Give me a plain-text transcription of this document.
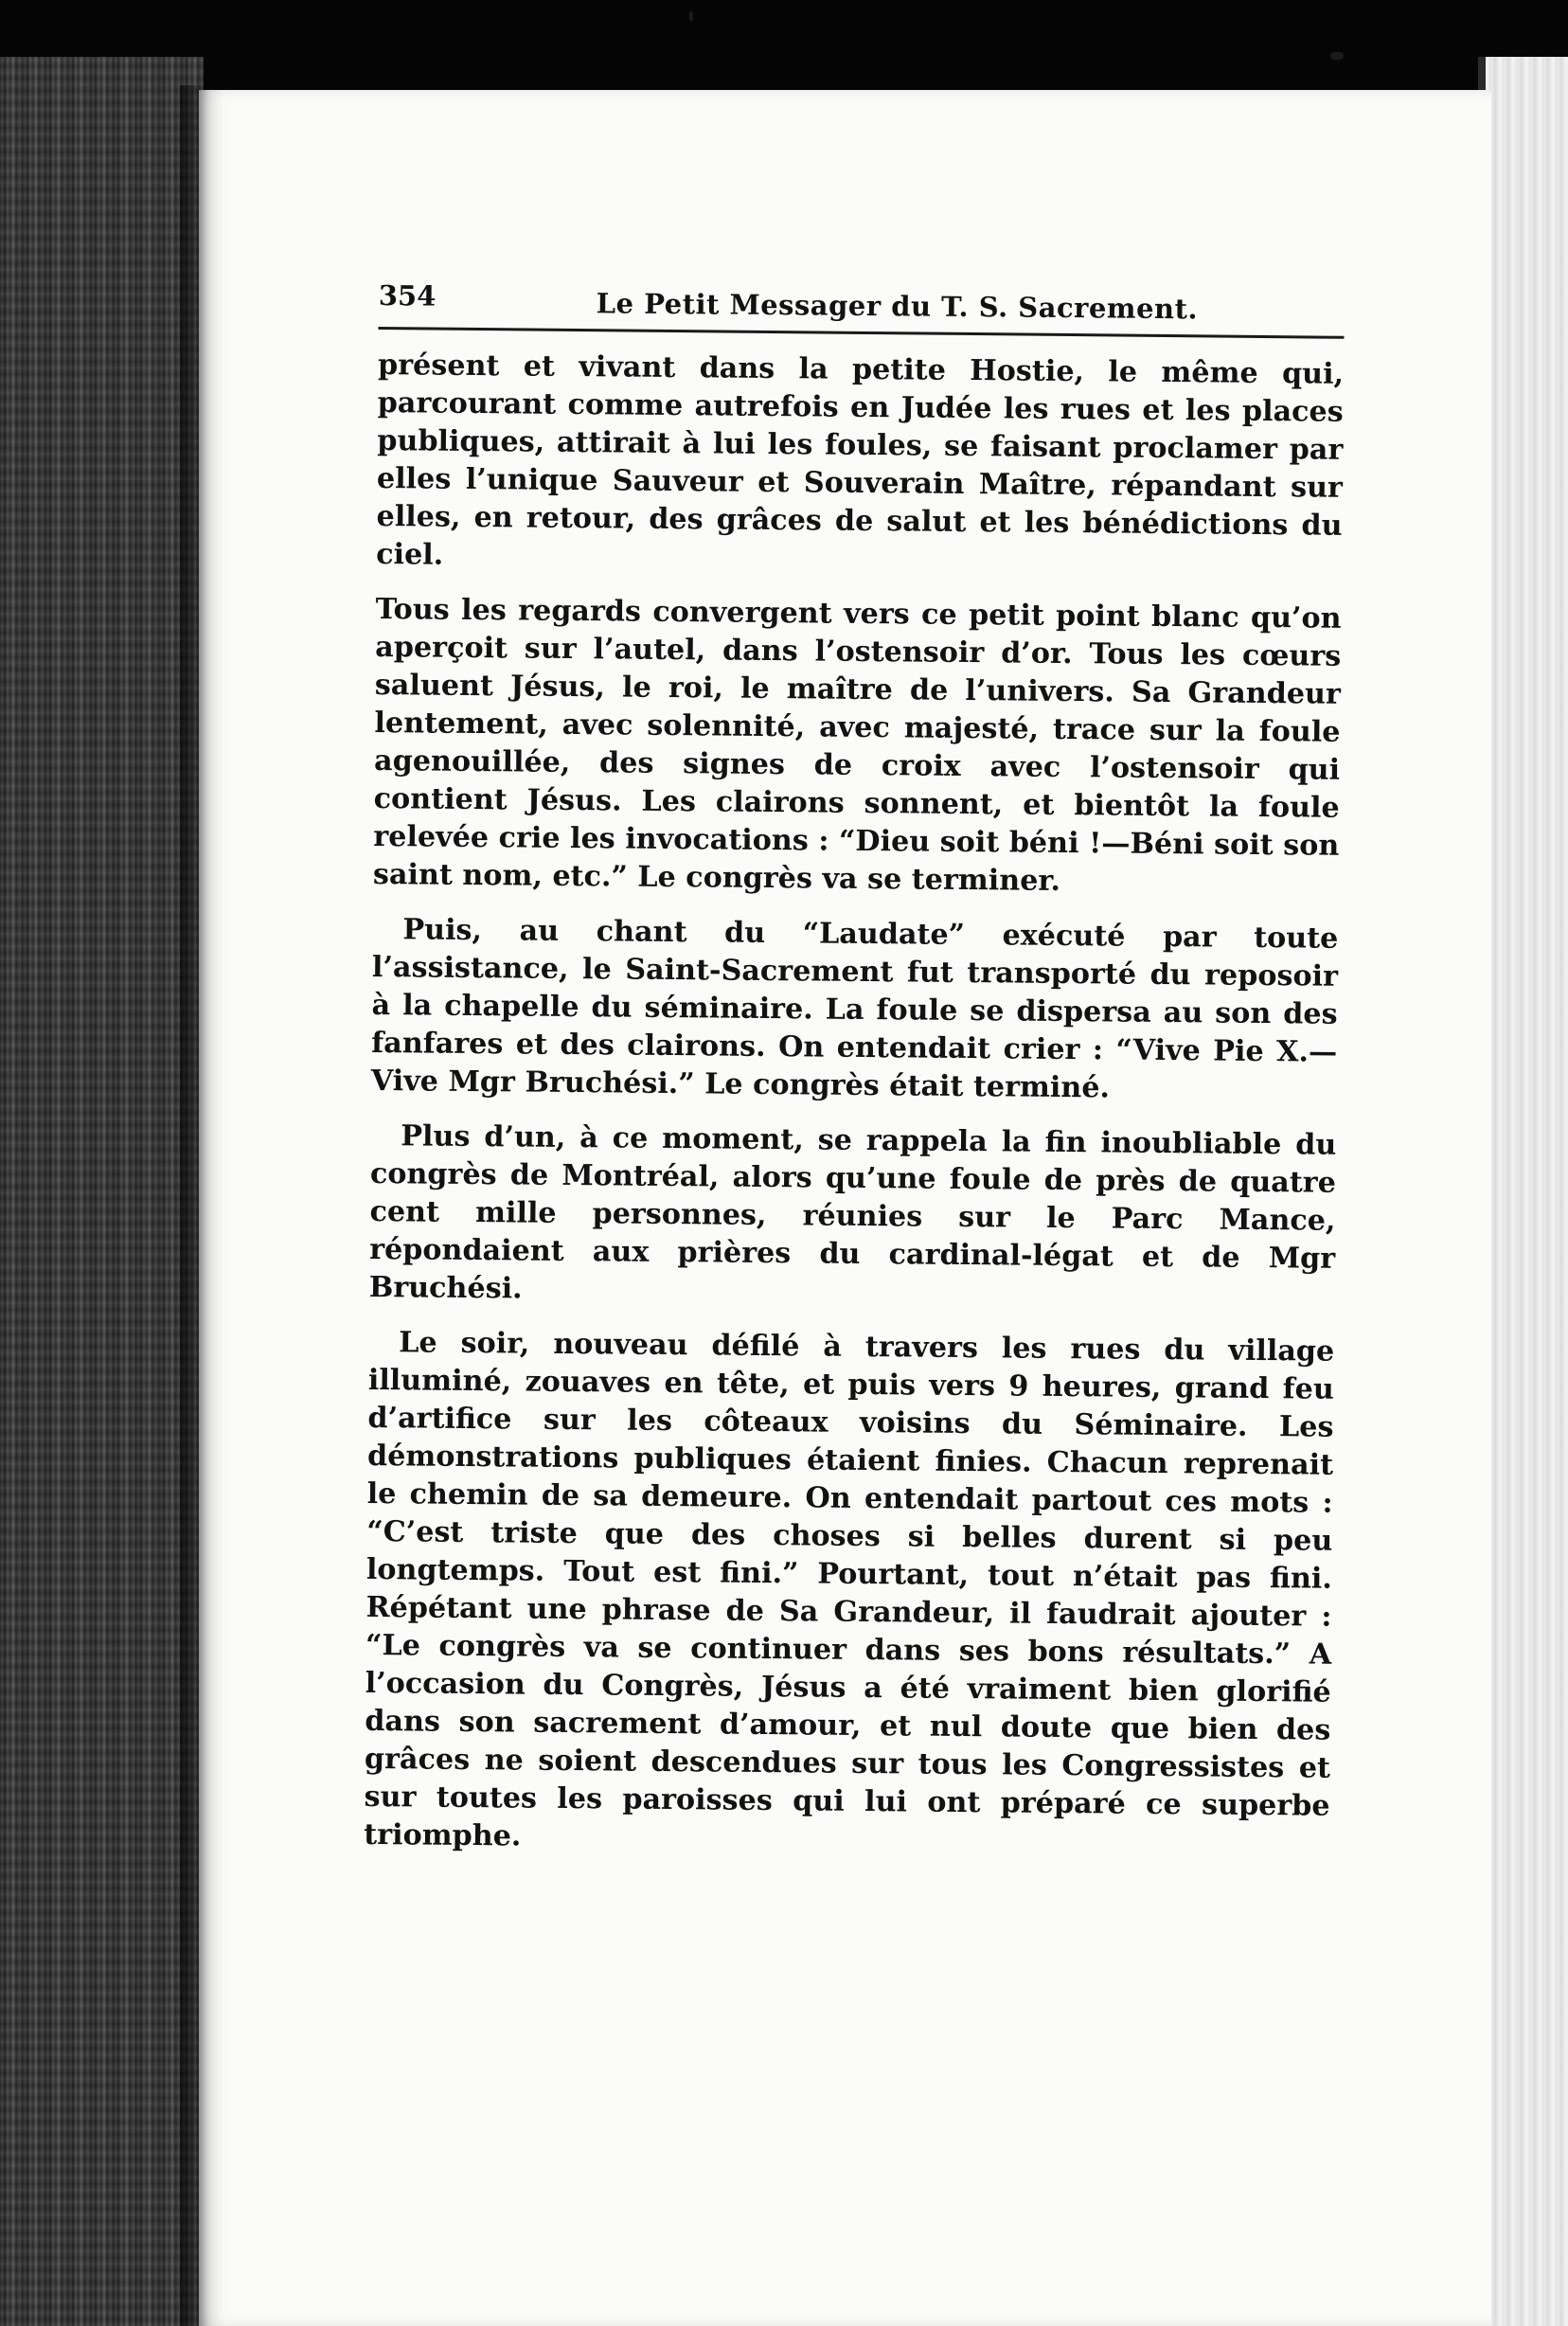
354	Le Petit Messager du T. S. Sacrement.

présent et vivant dans la petite Hostie, le même qui, parcourant comme autrefois en Judée les rues et les places publiques, attirait à lui les foules, se faisant proclamer par elles l’unique Sauveur et Souverain Maître, répandant sur elles, en retour, des grâces de salut et les bénédictions du ciel.

Tous les regards convergent vers ce petit point blanc qu’on aperçoit sur l’autel, dans l’ostensoir d’or. Tous les cœurs saluent Jésus, le roi, le maître de l’univers. Sa Grandeur lentement, avec solennité, avec majesté, trace sur la foule agenouillée, des signes de croix avec l’ostensoir qui contient Jésus. Les clairons sonnent, et bientôt la foule relevée crie les invocations : “Dieu soit béni !—Béni soit son saint nom, etc.” Le congrès va se terminer.

Puis, au chant du “Laudate” exécuté par toute l’assistance, le Saint-Sacrement fut transporté du reposoir à la chapelle du séminaire. La foule se dispersa au son des fanfares et des clairons. On entendait crier : “Vive Pie X.—Vive Mgr Bruchési.” Le congrès était terminé.

Plus d’un, à ce moment, se rappela la fin inoubliable du congrès de Montréal, alors qu’une foule de près de quatre cent mille personnes, réunies sur le Parc Mance, répondaient aux prières du cardinal-légat et de Mgr Bruchési.

Le soir, nouveau défilé à travers les rues du village illuminé, zouaves en tête, et puis vers 9 heures, grand feu d’artifice sur les côteaux voisins du Séminaire. Les démonstrations publiques étaient finies. Chacun reprenait le chemin de sa demeure. On entendait partout ces mots : “C’est triste que des choses si belles durent si peu longtemps. Tout est fini.” Pourtant, tout n’était pas fini. Répétant une phrase de Sa Grandeur, il faudrait ajouter : “Le congrès va se continuer dans ses bons résultats.” A l’occasion du Congrès, Jésus a été vraiment bien glorifié dans son sacrement d’amour, et nul doute que bien des grâces ne soient descendues sur tous les Congressistes et sur toutes les paroisses qui lui ont préparé ce superbe triomphe.
